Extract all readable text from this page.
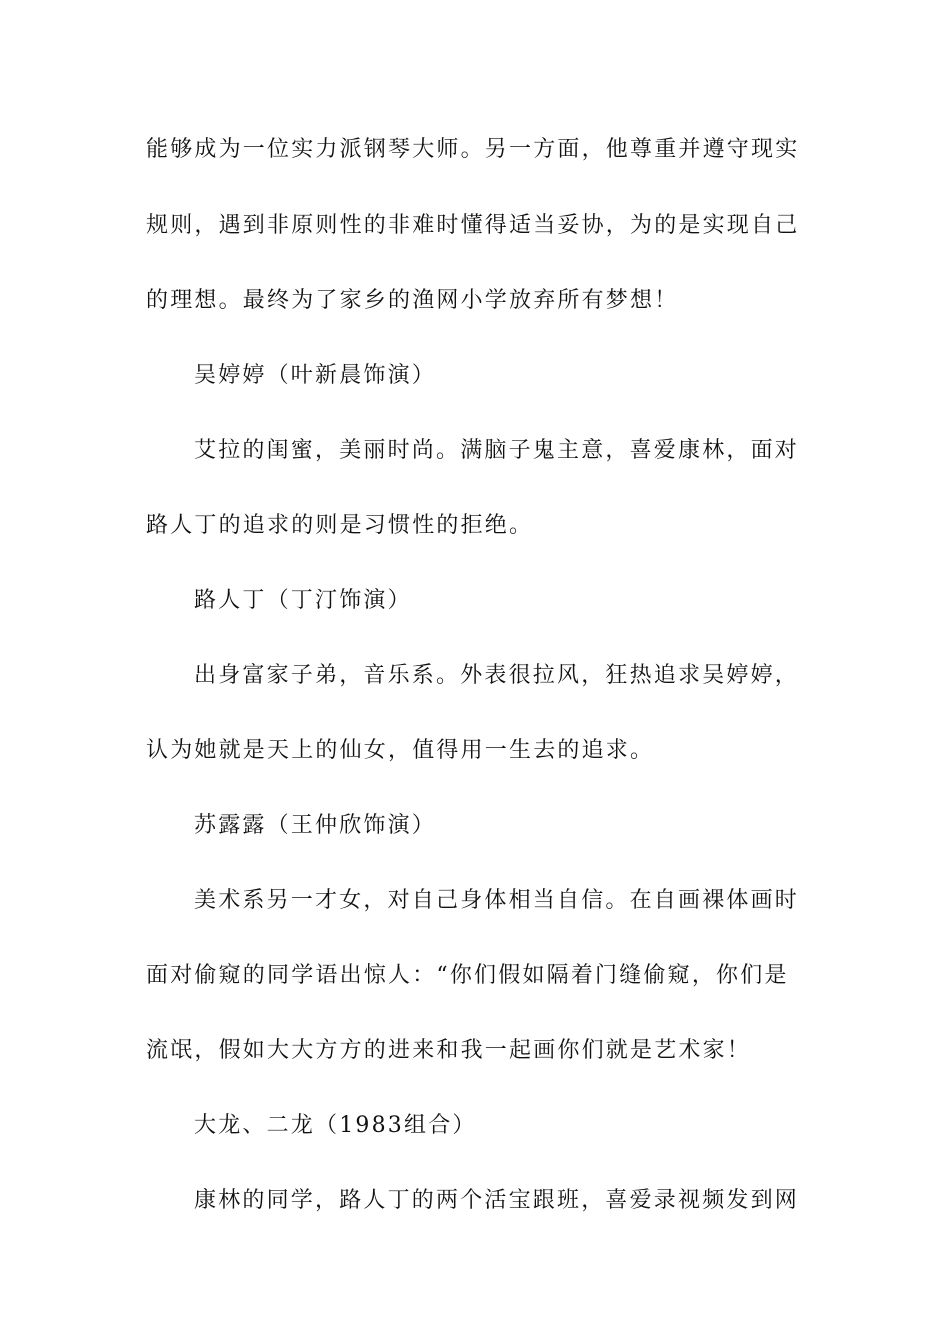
能够成为一位实力派钢琴大师。另一方面，他尊重并遵守现实
规则，遇到非原则性的非难时懂得适当妥协，为的是实现自己
的理想。最终为了家乡的渔网小学放弃所有梦想！
吴婷婷（叶新晨饰演）
艾拉的闺蜜，美丽时尚。满脑子鬼主意，喜爱康林，面对
路人丁的追求的则是习惯性的拒绝。
路人丁（丁汀饰演）
出身富家子弟，音乐系。外表很拉风，狂热追求吴婷婷，
认为她就是天上的仙女，值得用一生去的追求。
苏露露（王仲欣饰演）
美术系另一才女，对自己身体相当自信。在自画裸体画时
面对偷窥的同学语出惊人：“你们假如隔着门缝偷窥，你们是
流氓，假如大大方方的进来和我一起画你们就是艺术家！
大龙、二龙（1983组合）
康林的同学，路人丁的两个活宝跟班，喜爱录视频发到网
